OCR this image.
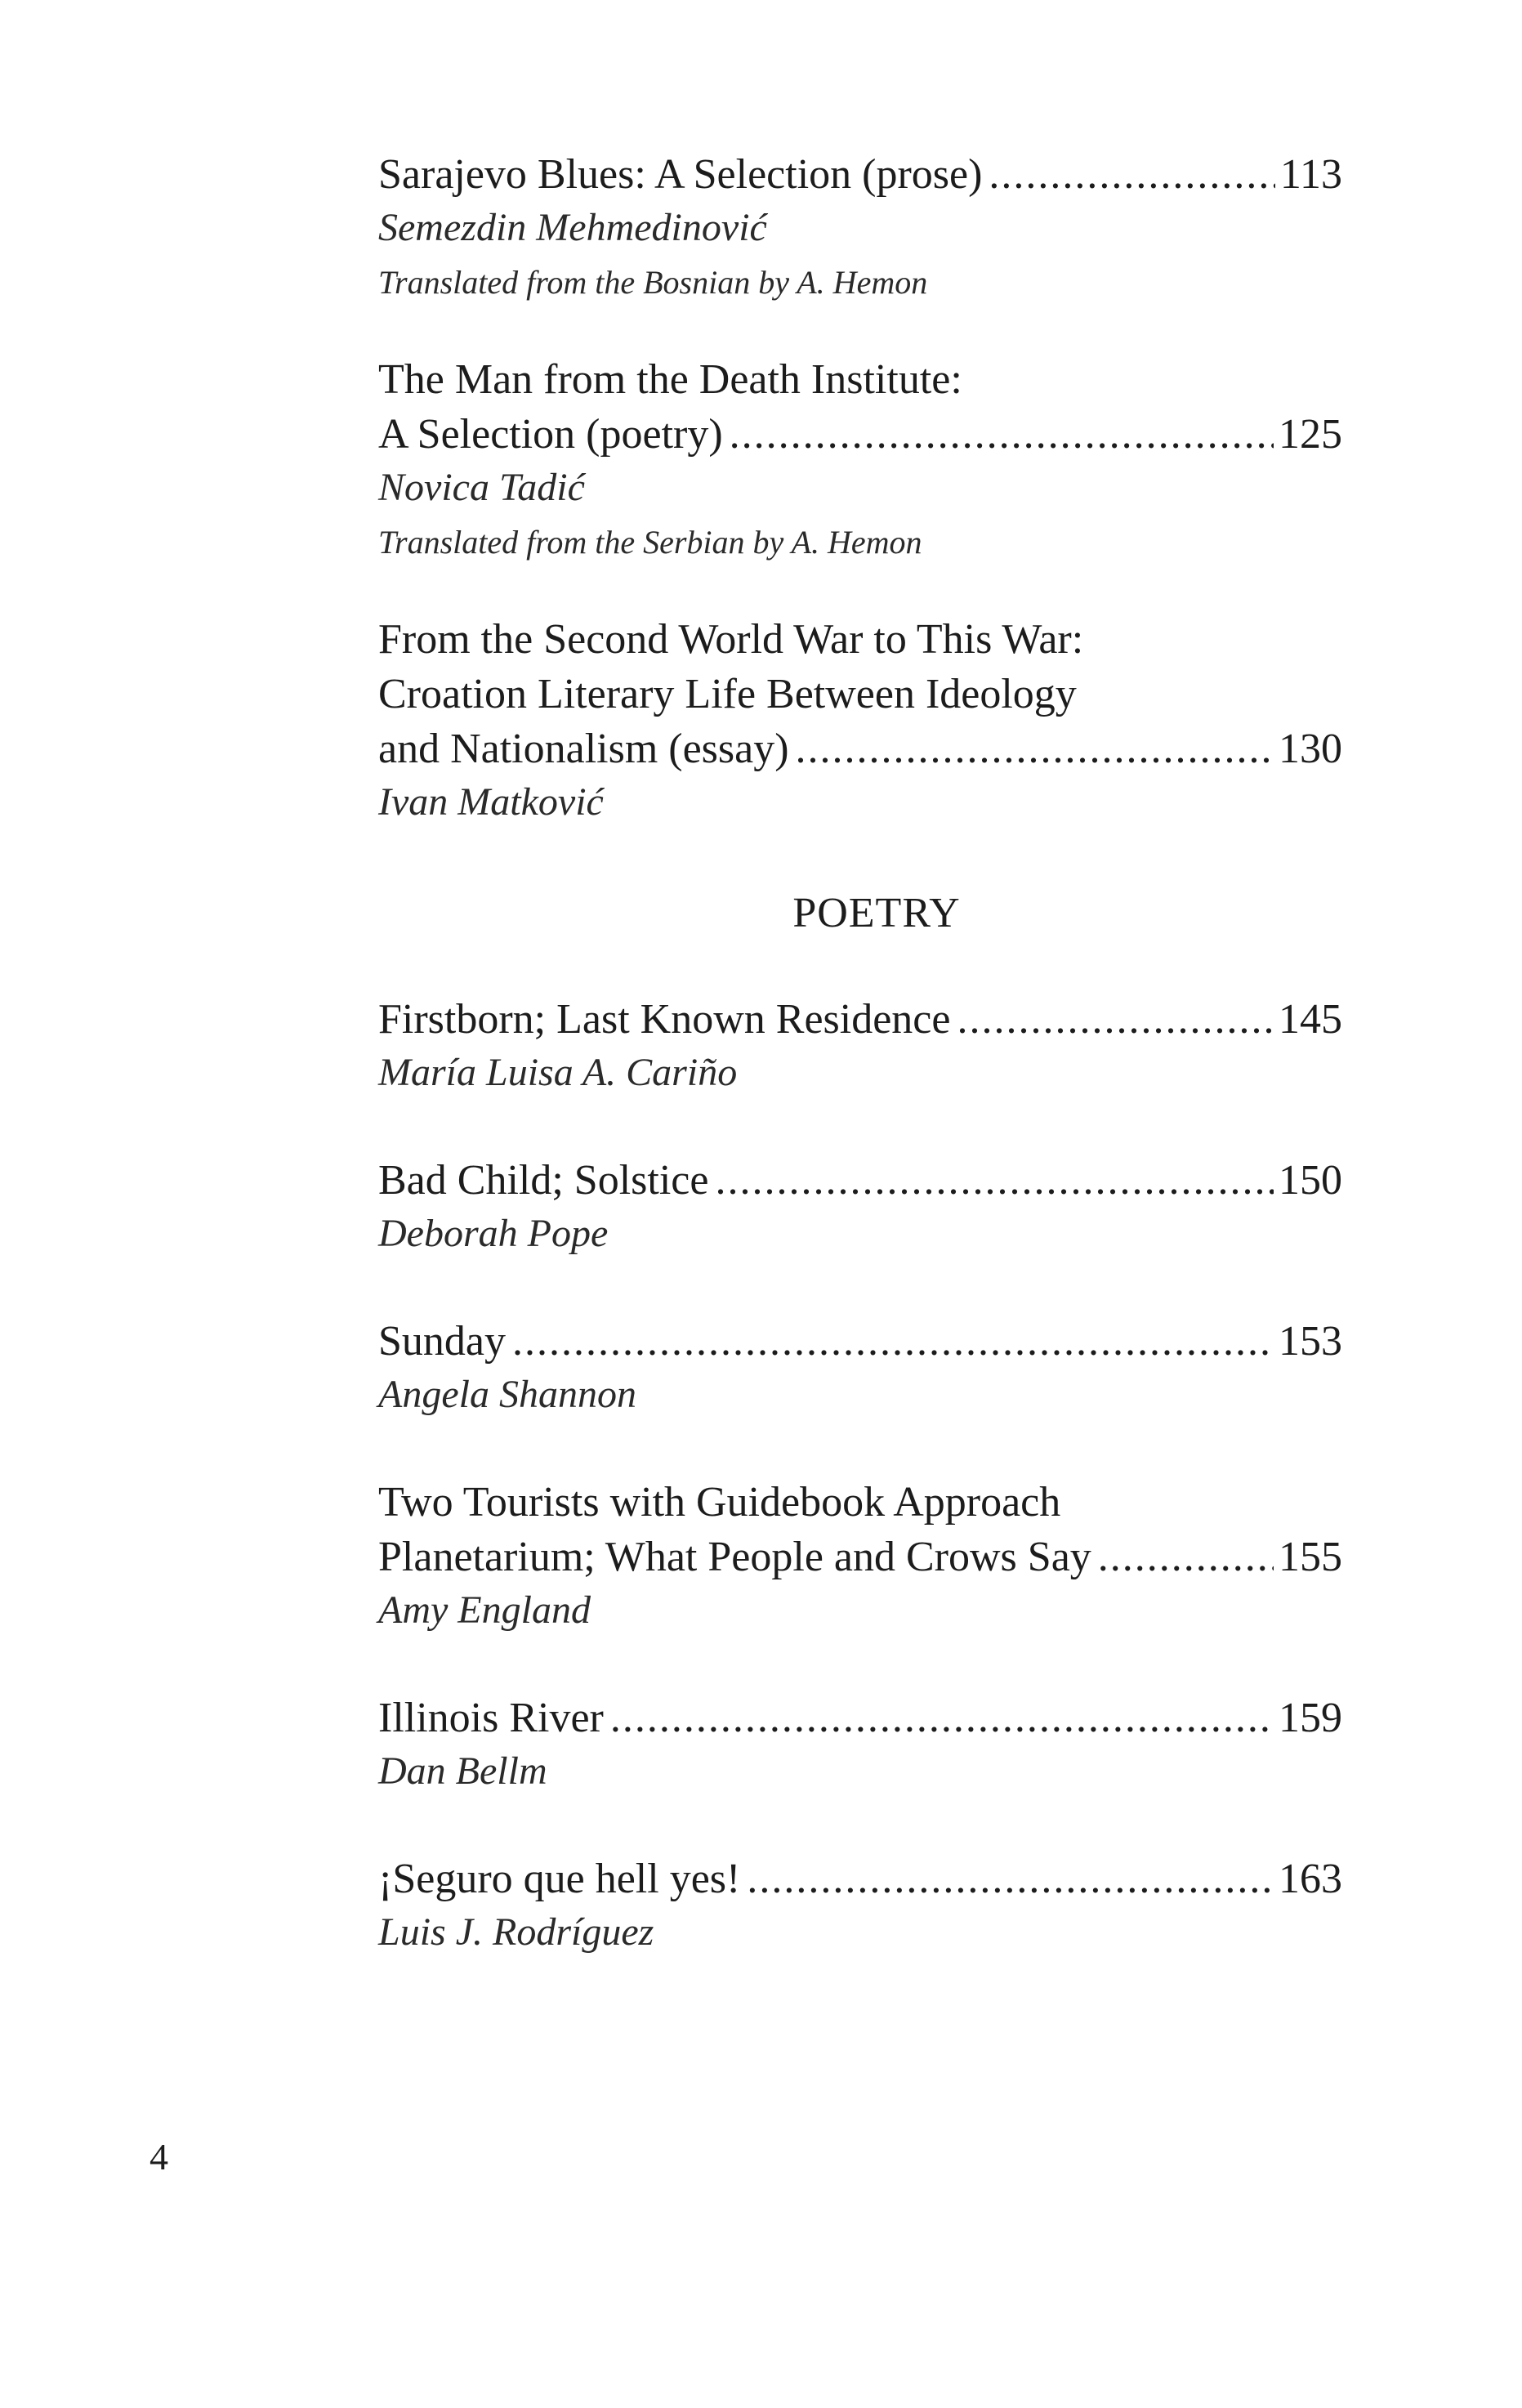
Sarajevo Blues: A Selection (prose) .....	113

Semezdin Mehmedinović

Translated from the Bosnian by A. Hemon

The Man from the Death Institute:
A Selection (poetry) .....	125

Novica Tadić

Translated from the Serbian by A. Hemon

From the Second World War to This War:
Croation Literary Life Between Ideology
and Nationalism (essay) .....	130

Ivan Matković

POETRY

Firstborn; Last Known Residence .....	145

María Luisa A. Cariño

Bad Child; Solstice .....	150

Deborah Pope

Sunday .....	153

Angela Shannon

Two Tourists with Guidebook Approach
Planetarium; What People and Crows Say .....	155

Amy England

Illinois River .....	159

Dan Bellm

¡Seguro que hell yes! .....	163

Luis J. Rodríguez

4
